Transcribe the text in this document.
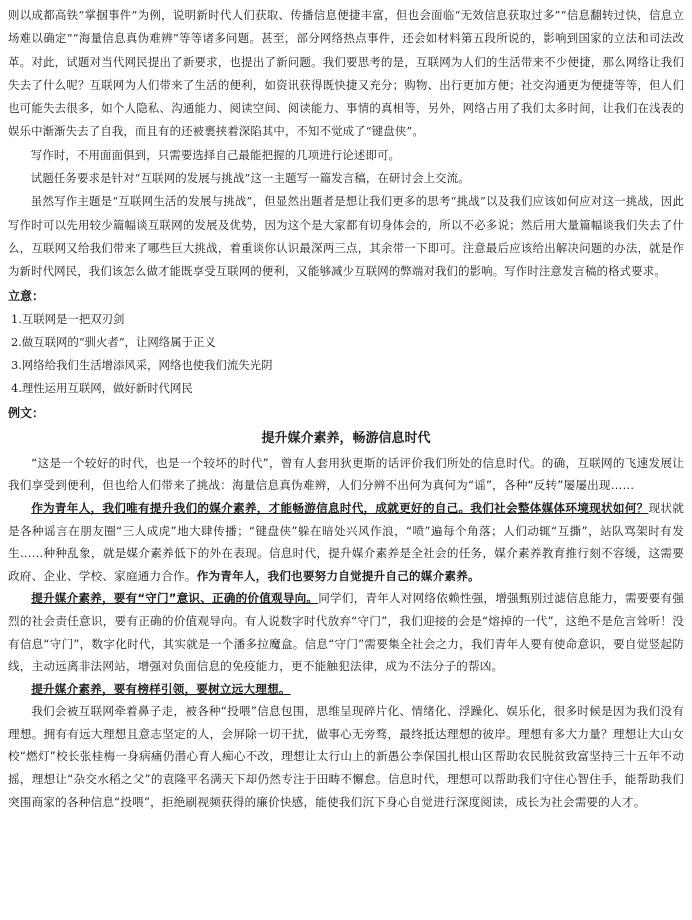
则以成都高铁“掌掴事件”为例，说明新时代人们获取、传播信息便捷丰富，但也会面临“无效信息获取过多”“信息翻转过快，信息立场难以确定”“海量信息真伪难辨”等等诸多问题。甚至，部分网络热点事件，还会如材料第五段所说的，影响到国家的立法和司法改革。对此，试题对当代网民提出了新要求，也提出了新问题。我们要思考的是，互联网为人们的生活带来不少便捷，那么网络让我们失去了什么呢？互联网为人们带来了生活的便利，如资讯获得既快捷又充分；购物、出行更加方便；社交沟通更为便捷等等，但人们也可能失去很多，如个人隐私、沟通能力、阅读空间、阅读能力、事情的真相等，另外，网络占用了我们太多时间，让我们在浅表的娱乐中渐渐失去了自我，而且有的还被裹挟着深陷其中，不知不觉成了“键盘侠”。

写作时，不用面面俱到，只需要选择自己最能把握的几项进行论述即可。

试题任务要求是针对“互联网的发展与挑战”这一主题写一篇发言稿，在研讨会上交流。

虽然写作主题是“互联网生活的发展与挑战”，但显然出题者是想让我们更多的思考“挑战”以及我们应该如何应对这一挑战，因此写作时可以先用较少篇幅谈互联网的发展及优势，因为这个是大家都有切身体会的，所以不必多说；然后用大量篇幅谈我们失去了什么，互联网又给我们带来了哪些巨大挑战，着重谈你认识最深两三点，其余带一下即可。注意最后应该给出解决问题的办法，就是作为新时代网民，我们该怎么做才能既享受互联网的便利，又能够减少互联网的弊端对我们的影响。写作时注意发言稿的格式要求。

立意：

1.互联网是一把双刃剑

2.做互联网的“驯火者”，让网络属于正义

3.网络给我们生活增添风采，网络也使我们流失光阴

4.理性运用互联网，做好新时代网民

例文：

提升媒介素养，畅游信息时代

“这是一个较好的时代，也是一个较坏的时代”，曾有人套用狄更斯的话评价我们所处的信息时代。的确，互联网的飞速发展让我们享受到便利，但也给人们带来了挑战：海量信息真伪难辨，人们分辨不出何为真何为“谣”，各种“反转”屡屡出现……

作为青年人，我们唯有提升我们的媒介素养，才能畅游信息时代，成就更好的自己。我们社会整体媒体环境现状如何？现状就是各种谣言在朋友圈“三人成虎”地大肆传播；“键盘侠”躲在暗处兴风作浪，“喷”遍每个角落；人们动辄“互撕”，站队骂架时有发生……种种乱象，就是媒介素养低下的外在表现。信息时代，提升媒介素养是全社会的任务，媒介素养教育推行刻不容缓，这需要政府、企业、学校、家庭通力合作。作为青年人，我们也要努力自觉提升自己的媒介素养。

提升媒介素养，要有“守门”意识、正确的价值观导向。同学们，青年人对网络依赖性强，增强甄别过滤信息能力，需要要有强烈的社会责任意识，要有正确的价值观导向。有人说数字时代放弃“守门”，我们迎接的会是“熔掉的一代”，这绝不是危言耸听！没有信息“守门”，数字化时代，其实就是一个潘多拉魔盒。信息“守门”需要集全社会之力，我们青年人要有使命意识，要自觉竖起防线，主动远离非法网站，增强对负面信息的免疫能力，更不能触犯法律，成为不法分子的帮凶。

提升媒介素养，要有榜样引领，要树立远大理想。

我们会被互联网牵着鼻子走，被各种“投喂”信息包围，思维呈现碎片化、情绪化、浮躁化、娱乐化，很多时候是因为我们没有理想。拥有有远大理想且意志坚定的人，会屏除一切干扰，做事心无旁骛，最终抵达理想的彼岸。理想有多大力量？理想让大山女校“燃灯”校长张桂梅一身病痛仍潜心育人痴心不改，理想让太行山上的新愚公李保国扎根山区帮助农民脱贫致富坚持三十五年不动摇，理想让“杂交水稻之父”的袁隆平名满天下却仍然专注于田畴不懈怠。信息时代，理想可以帮助我们守住心智住手，能帮助我们突围商家的各种信息“投喂”，拒绝刷视频获得的廉价快感，能使我们沉下身心自觉进行深度阅读，成长为社会需要的人才。
